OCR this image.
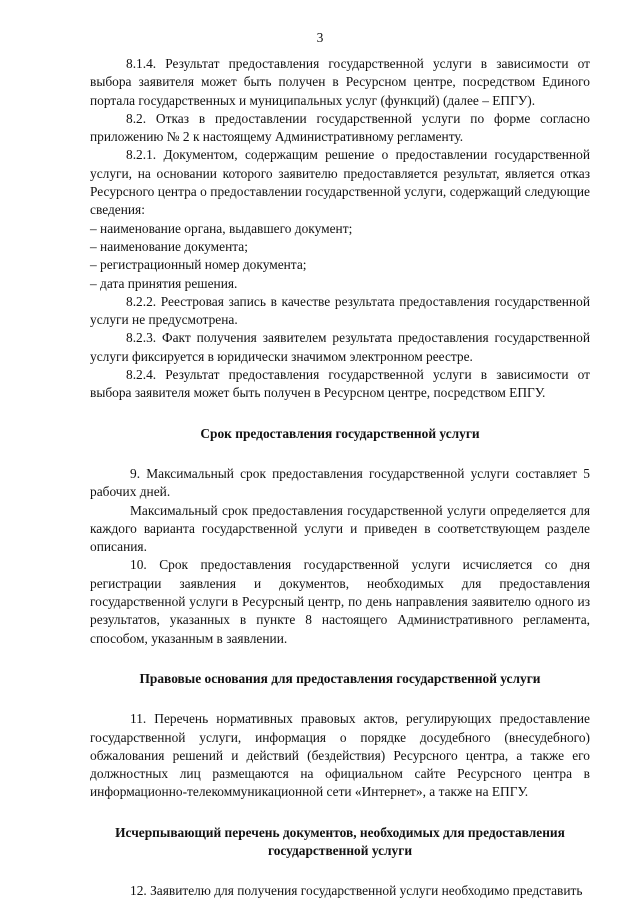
3

8.1.4. Результат предоставления государственной услуги в зависимости от выбора заявителя может быть получен в Ресурсном центре, посредством Единого портала государственных и муниципальных услуг (функций) (далее – ЕПГУ).

8.2. Отказ в предоставлении государственной услуги по форме согласно приложению № 2 к настоящему Административному регламенту.

8.2.1. Документом, содержащим решение о предоставлении государственной услуги, на основании которого заявителю предоставляется результат, является отказ Ресурсного центра о предоставлении государственной услуги, содержащий следующие сведения:

– наименование органа, выдавшего документ;

– наименование документа;

– регистрационный номер документа;

– дата принятия решения.

8.2.2. Реестровая запись в качестве результата предоставления государственной услуги не предусмотрена.

8.2.3. Факт получения заявителем результата предоставления государственной услуги фиксируется в юридически значимом электронном реестре.

8.2.4. Результат предоставления государственной услуги в зависимости от выбора заявителя может быть получен в Ресурсном центре, посредством ЕПГУ.

Срок предоставления государственной услуги

9. Максимальный срок предоставления государственной услуги составляет 5 рабочих дней.

Максимальный срок предоставления государственной услуги определяется для каждого варианта государственной услуги и приведен в соответствующем разделе описания.

10. Срок предоставления государственной услуги исчисляется со дня регистрации заявления и документов, необходимых для предоставления государственной услуги в Ресурсный центр, по день направления заявителю одного из результатов, указанных в пункте 8 настоящего Административного регламента, способом, указанным в заявлении.

Правовые основания для предоставления государственной услуги

11. Перечень нормативных правовых актов, регулирующих предоставление государственной услуги, информация о порядке досудебного (внесудебного) обжалования решений и действий (бездействия) Ресурсного центра, а также его должностных лиц размещаются на официальном сайте Ресурсного центра в информационно-телекоммуникационной сети «Интернет», а также на ЕПГУ.

Исчерпывающий перечень документов, необходимых для предоставления

государственной услуги

12. Заявителю для получения государственной услуги необходимо представить
